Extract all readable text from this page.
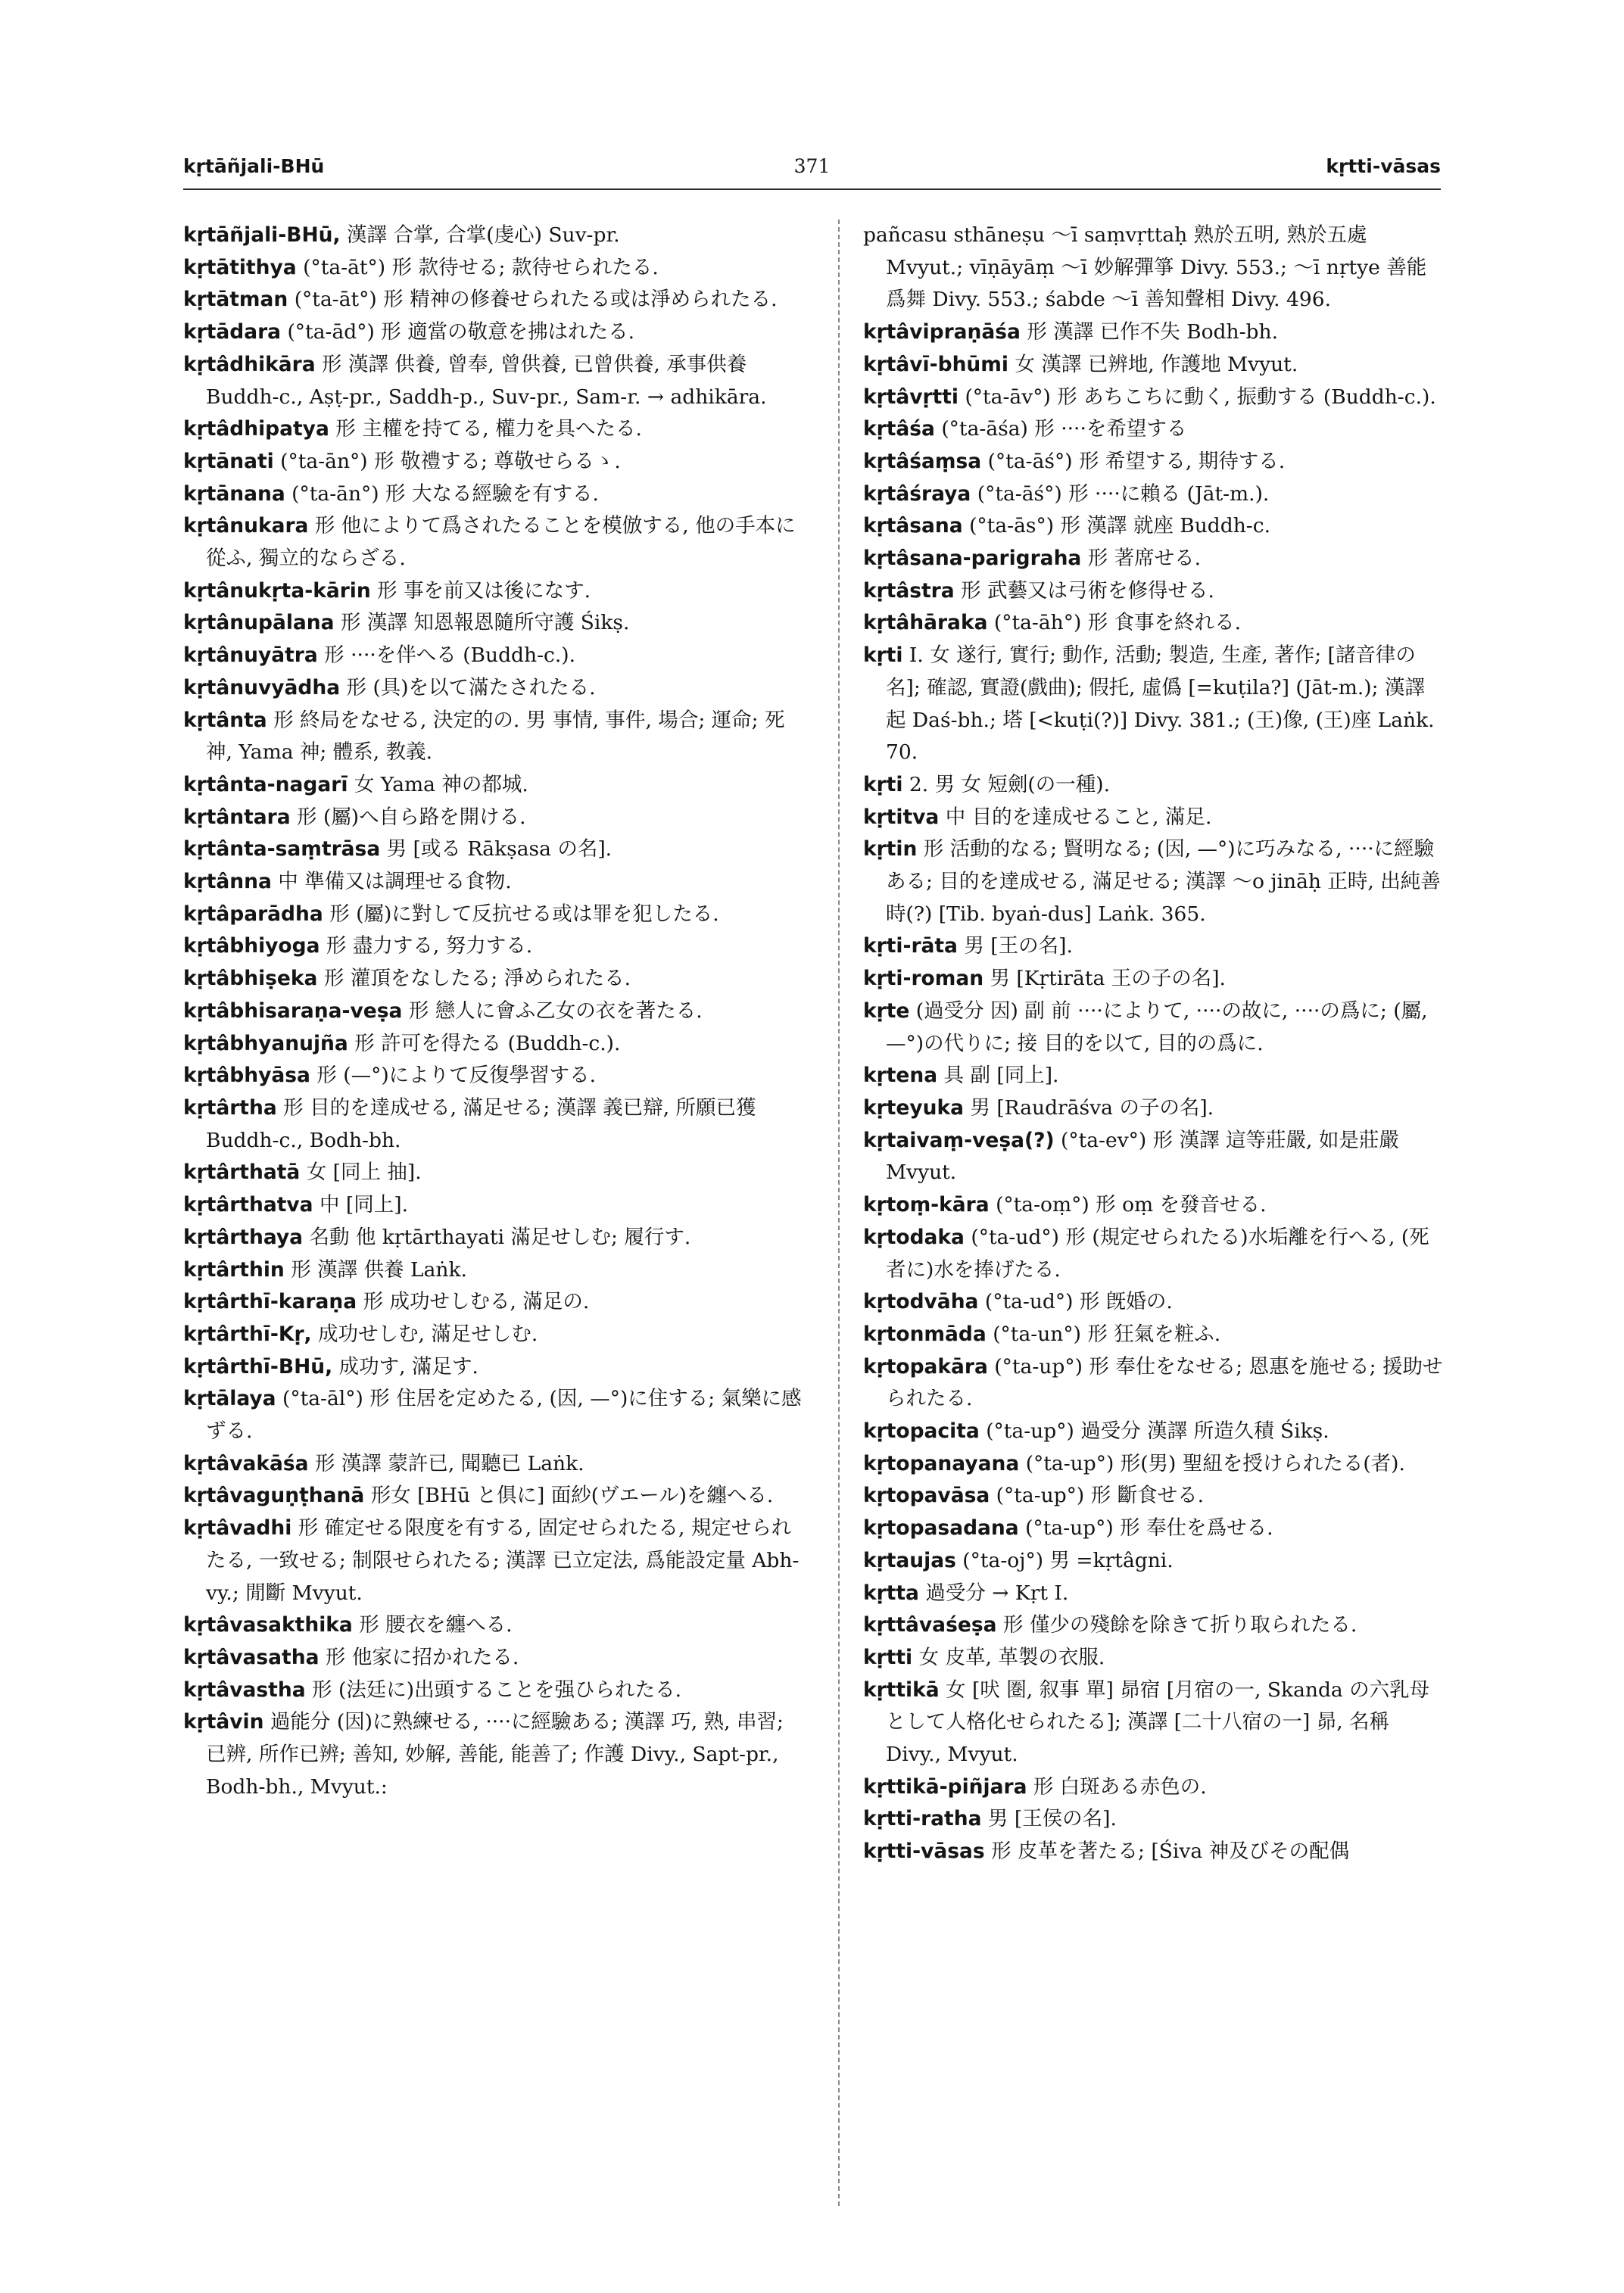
kṛtāñjali-BHū	371	kṛtti-vāsas

kṛtāñjali-BHū, 漢譯 合掌, 合掌(虔心) Suv-pr.

kṛtātithya (°ta-āt°) 形 款待せる; 款待せられたる.

kṛtātman (°ta-āt°) 形 精神の修養せられたる或は淨められたる.

kṛtādara (°ta-ād°) 形 適當の敬意を拂はれたる.

kṛtâdhikāra 形 漢譯 供養, 曾奉, 曾供養, 已曾供養, 承事供養 Buddh-c., Aṣṭ-pr., Saddh-p., Suv-pr., Sam-r. → adhikāra.

kṛtâdhipatya 形 主權を持てる, 權力を具へたる.

kṛtānati (°ta-ān°) 形 敬禮する; 尊敬せらるゝ.

kṛtānana (°ta-ān°) 形 大なる經驗を有する.

kṛtânukara 形 他によりて爲されたることを模倣する, 他の手本に從ふ, 獨立的ならざる.

kṛtânukṛta-kārin 形 事を前又は後になす.

kṛtânupālana 形 漢譯 知恩報恩隨所守護 Śikṣ.

kṛtânuyātra 形 ····を伴へる (Buddh-c.).

kṛtânuvyādha 形 (具)を以て滿たされたる.

kṛtânta 形 終局をなせる, 決定的の. 男 事情, 事件, 場合; 運命; 死神, Yama 神; 體系, 教義.

kṛtânta-nagarī 女 Yama 神の都城.

kṛtântara 形 (屬)へ自ら路を開ける.

kṛtânta-saṃtrāsa 男 [或る Rākṣasa の名].

kṛtânna 中 準備又は調理せる食物.

kṛtâparādha 形 (屬)に對して反抗せる或は罪を犯したる.

kṛtâbhiyoga 形 盡力する, 努力する.

kṛtâbhiṣeka 形 灌頂をなしたる; 淨められたる.

kṛtâbhisaraṇa-veṣa 形 戀人に會ふ乙女の衣を著たる.

kṛtâbhyanujña 形 許可を得たる (Buddh-c.).

kṛtâbhyāsa 形 (—°)によりて反復學習する.

kṛtârtha 形 目的を達成せる, 滿足せる; 漢譯 義已辯, 所願已獲 Buddh-c., Bodh-bh.

kṛtârthatā 女 [同上 抽].

kṛtârthatva 中 [同上].

kṛtârthaya 名動 他 kṛtārthayati 滿足せしむ; 履行す.

kṛtârthin 形 漢譯 供養 Laṅk.

kṛtârthī-karaṇa 形 成功せしむる, 滿足の.

kṛtârthī-Kṛ, 成功せしむ, 滿足せしむ.

kṛtârthī-BHū, 成功す, 滿足す.

kṛtālaya (°ta-āl°) 形 住居を定めたる, (因, —°)に住する; 氣樂に感ずる.

kṛtâvakāśa 形 漢譯 蒙許已, 聞聽已 Laṅk.

kṛtâvaguṇṭhanā 形女 [BHū と俱に] 面紗(ヴエール)を纏へる.

kṛtâvadhi 形 確定せる限度を有する, 固定せられたる, 規定せられたる, 一致せる; 制限せられたる; 漢譯 已立定法, 爲能設定量 Abh-vy.; 閒斷 Mvyut.

kṛtâvasakthika 形 腰衣を纏へる.

kṛtâvasatha 形 他家に招かれたる.

kṛtâvastha 形 (法廷に)出頭することを强ひられたる.

kṛtâvin 過能分 (因)に熟練せる, ····に經驗ある; 漢譯 巧, 熟, 串習; 已辨, 所作已辨; 善知, 妙解, 善能, 能善了; 作護 Divy., Sapt-pr., Bodh-bh., Mvyut.:

pañcasu sthāneṣu ～ī saṃvṛttaḥ 熟於五明, 熟於五處 Mvyut.; vīṇāyāṃ ～ī 妙解彈箏 Divy. 553.; ～ī nṛtye 善能爲舞 Divy. 553.; śabde ～ī 善知聲相 Divy. 496.

kṛtâvipraṇāśa 形 漢譯 已作不失 Bodh-bh.

kṛtâvī-bhūmi 女 漢譯 已辨地, 作護地 Mvyut.

kṛtâvṛtti (°ta-āv°) 形 あちこちに動く, 振動する (Buddh-c.).

kṛtâśa (°ta-āśa) 形 ····を希望する

kṛtâśaṃsa (°ta-āś°) 形 希望する, 期待する.

kṛtâśraya (°ta-āś°) 形 ····に賴る (Jāt-m.).

kṛtâsana (°ta-ās°) 形 漢譯 就座 Buddh-c.

kṛtâsana-parigraha 形 著席せる.

kṛtâstra 形 武藝又は弓術を修得せる.

kṛtâhāraka (°ta-āh°) 形 食事を終れる.

kṛti I. 女 遂行, 實行; 動作, 活動; 製造, 生產, 著作; [諸音律の名]; 確認, 實證(戲曲); 假托, 虛僞 [=kuṭila?] (Jāt-m.); 漢譯 起 Daś-bh.; 塔 [<kuṭi(?)] Divy. 381.; (王)像, (王)座 Laṅk. 70.

kṛti 2. 男 女 短劍(の一種).

kṛtitva 中 目的を達成せること, 滿足.

kṛtin 形 活動的なる; 賢明なる; (因, —°)に巧みなる, ····に經驗ある; 目的を達成せる, 滿足せる; 漢譯 ～o jināḥ 正時, 出純善時(?) [Tib. byaṅ-dus] Laṅk. 365.

kṛti-rāta 男 [王の名].

kṛti-roman 男 [Kṛtirāta 王の子の名].

kṛte (過受分 因) 副 前 ····によりて, ····の故に, ····の爲に; (屬, —°)の代りに; 接 目的を以て, 目的の爲に.

kṛtena 具 副 [同上].

kṛteyuka 男 [Raudrāśva の子の名].

kṛtaivaṃ-veṣa(?) (°ta-ev°) 形 漢譯 這等莊嚴, 如是莊嚴 Mvyut.

kṛtoṃ-kāra (°ta-oṃ°) 形 oṃ を發音せる.

kṛtodaka (°ta-ud°) 形 (規定せられたる)水垢離を行へる, (死者に)水を捧げたる.

kṛtodvāha (°ta-ud°) 形 旣婚の.

kṛtonmāda (°ta-un°) 形 狂氣を粧ふ.

kṛtopakāra (°ta-up°) 形 奉仕をなせる; 恩惠を施せる; 援助せられたる.

kṛtopacita (°ta-up°) 過受分 漢譯 所造久積 Śikṣ.

kṛtopanayana (°ta-up°) 形(男) 聖紐を授けられたる(者).

kṛtopavāsa (°ta-up°) 形 斷食せる.

kṛtopasadana (°ta-up°) 形 奉仕を爲せる.

kṛtaujas (°ta-oj°) 男 =kṛtâgni.

kṛtta 過受分 → Kṛt I.

kṛttâvaśeṣa 形 僅少の殘餘を除きて折り取られたる.

kṛtti 女 皮革, 革製の衣服.

kṛttikā 女 [吠 圏, 叙事 單] 昴宿 [月宿の一, Skanda の六乳母として人格化せられたる]; 漢譯 [二十八宿の一] 昴, 名稱 Divy., Mvyut.

kṛttikā-piñjara 形 白斑ある赤色の.

kṛtti-ratha 男 [王侯の名].

kṛtti-vāsas 形 皮革を著たる; [Śiva 神及びその配偶
